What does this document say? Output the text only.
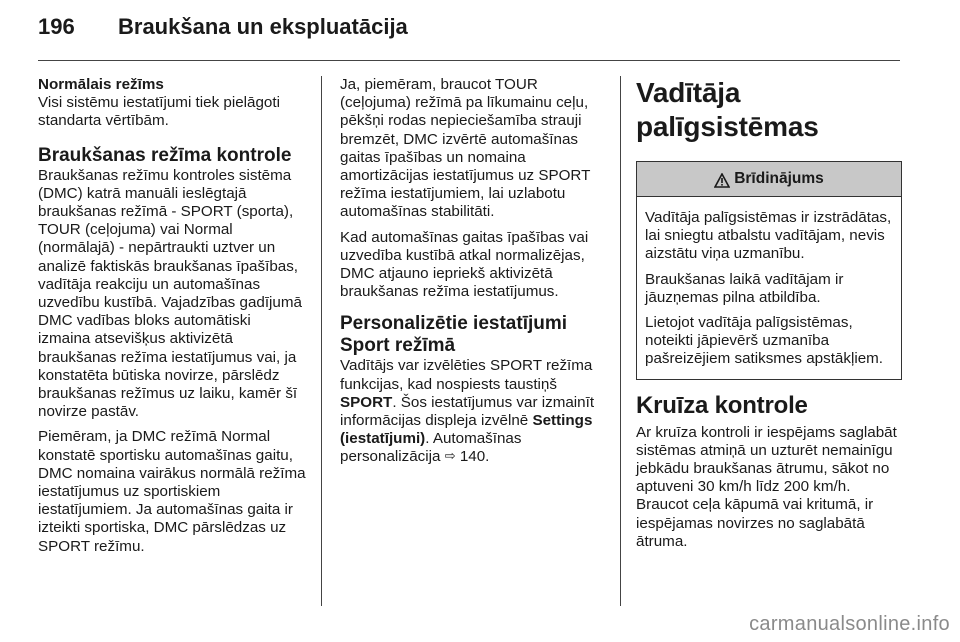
196	Braukšana un ekspluatācija
Normālais režīms

Visi sistēmu iestatījumi tiek pielāgoti standarta vērtībām.

Braukšanas režīma kontrole

Braukšanas režīmu kontroles sistēma (DMC) katrā manuāli ieslēgtajā braukšanas režīmā - SPORT (sporta), TOUR (ceļojuma) vai Normal (normālajā) - nepārtraukti uztver un analizē faktiskās braukšanas īpašības, vadītāja reakciju un automašīnas uzvedību kustībā. Vajadzības gadījumā DMC vadības bloks automātiski izmaina atsevišķus aktivizētā braukšanas režīma iestatījumus vai, ja konstatēta būtiska novirze, pārslēdz braukšanas režīmus uz laiku, kamēr šī novirze pastāv.

Piemēram, ja DMC režīmā Normal konstatē sportisku automašīnas gaitu, DMC nomaina vairākus normālā režīma iestatījumus uz sportiskiem iestatījumiem. Ja automašīnas gaita ir izteikti sportiska, DMC pārslēdzas uz SPORT režīmu.

Ja, piemēram, braucot TOUR (ceļojuma) režīmā pa līkumainu ceļu, pēkšņi rodas nepieciešamība strauji bremzēt, DMC izvērtē automašīnas gaitas īpašības un nomaina amortizācijas iestatījumus uz SPORT režīma iestatījumiem, lai uzlabotu automašīnas stabilitāti.

Kad automašīnas gaitas īpašības vai uzvedība kustībā atkal normalizējas, DMC atjauno iepriekš aktivizētā braukšanas režīma iestatījumus.

Personalizētie iestatījumi Sport režīmā

Vadītājs var izvēlēties SPORT režīma funkcijas, kad nospiests taustiņš SPORT. Šos iestatījumus var izmainīt informācijas displeja izvēlnē Settings (iestatījumi). Automašīnas personalizācija ⇨ 140.

Vadītāja palīgsistēmas
Brīdinājums

Vadītāja palīgsistēmas ir izstrādātas, lai sniegtu atbalstu vadītājam, nevis aizstātu viņa uzmanību.

Braukšanas laikā vadītājam ir jāuzņemas pilna atbildība.

Lietojot vadītāja palīgsistēmas, noteikti jāpievērš uzmanība pašreizējiem satiksmes apstākļiem.

Kruīza kontrole

Ar kruīza kontroli ir iespējams saglabāt sistēmas atmiņā un uzturēt nemainīgu jebkādu braukšanas ātrumu, sākot no aptuveni 30 km/h līdz 200 km/h. Braucot ceļa kāpumā vai kritumā, ir iespējamas novirzes no saglabātā ātruma.

carmanualsonline.info
